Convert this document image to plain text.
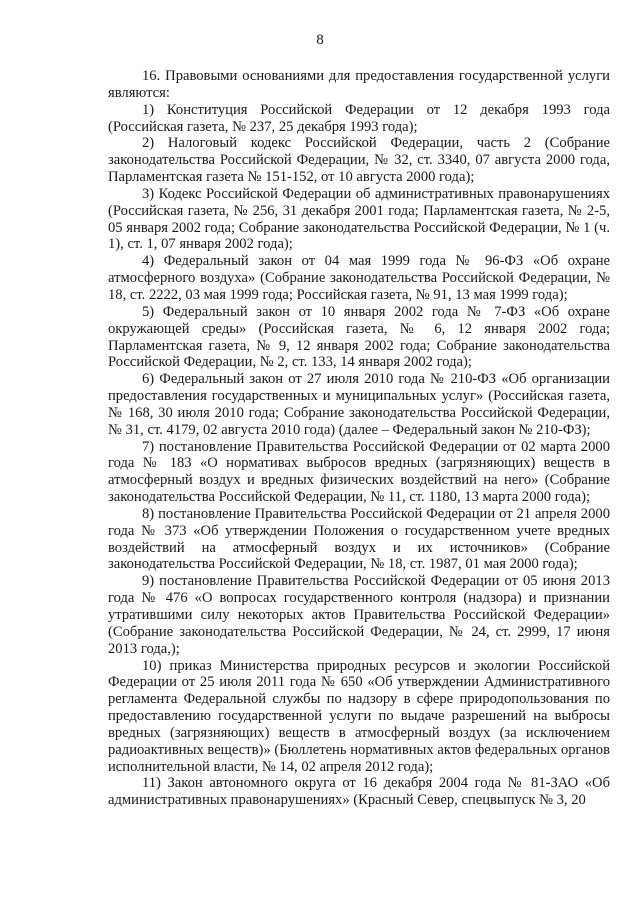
8

16. Правовыми основаниями для предоставления государственной услуги являются:

1) Конституция Российской Федерации от 12 декабря 1993 года (Российская газета, № 237, 25 декабря 1993 года);

2) Налоговый кодекс Российской Федерации, часть 2 (Собрание законодательства Российской Федерации, № 32, ст. 3340, 07 августа 2000 года, Парламентская газета № 151-152, от 10 августа 2000 года);

3) Кодекс Российской Федерации об административных правонарушениях (Российская газета, № 256, 31 декабря 2001 года; Парламентская газета, № 2-5, 05 января 2002 года; Собрание законодательства Российской Федерации, № 1 (ч. 1), ст. 1, 07 января 2002 года);

4) Федеральный закон от 04 мая 1999 года № 96-ФЗ «Об охране атмосферного воздуха» (Собрание законодательства Российской Федерации, № 18, ст. 2222, 03 мая 1999 года; Российская газета, № 91, 13 мая 1999 года);

5) Федеральный закон от 10 января 2002 года № 7-ФЗ «Об охране окружающей среды» (Российская газета, № 6, 12 января 2002 года; Парламентская газета, № 9, 12 января 2002 года; Собрание законодательства Российской Федерации, № 2, ст. 133, 14 января 2002 года);

6) Федеральный закон от 27 июля 2010 года № 210-ФЗ «Об организации предоставления государственных и муниципальных услуг» (Российская газета, № 168, 30 июля 2010 года; Собрание законодательства Российской Федерации, № 31, ст. 4179, 02 августа 2010 года) (далее – Федеральный закон № 210-ФЗ);

7) постановление Правительства Российской Федерации от 02 марта 2000 года № 183 «О нормативах выбросов вредных (загрязняющих) веществ в атмосферный воздух и вредных физических воздействий на него» (Собрание законодательства Российской Федерации, № 11, ст. 1180, 13 марта 2000 года);

8) постановление Правительства Российской Федерации от 21 апреля 2000 года № 373 «Об утверждении Положения о государственном учете вредных воздействий на атмосферный воздух и их источников» (Собрание законодательства Российской Федерации, № 18, ст. 1987, 01 мая 2000 года);

9) постановление Правительства Российской Федерации от 05 июня 2013 года № 476 «О вопросах государственного контроля (надзора) и признании утратившими силу некоторых актов Правительства Российской Федерации» (Собрание законодательства Российской Федерации, № 24, ст. 2999, 17 июня 2013 года,);

10) приказ Министерства природных ресурсов и экологии Российской Федерации от 25 июля 2011 года № 650 «Об утверждении Административного регламента Федеральной службы по надзору в сфере природопользования по предоставлению государственной услуги по выдаче разрешений на выбросы вредных (загрязняющих) веществ в атмосферный воздух (за исключением радиоактивных веществ)» (Бюллетень нормативных актов федеральных органов исполнительной власти, № 14, 02 апреля 2012 года);

11) Закон автономного округа от 16 декабря 2004 года № 81-ЗАО «Об административных правонарушениях» (Красный Север, спецвыпуск № 3, 20
